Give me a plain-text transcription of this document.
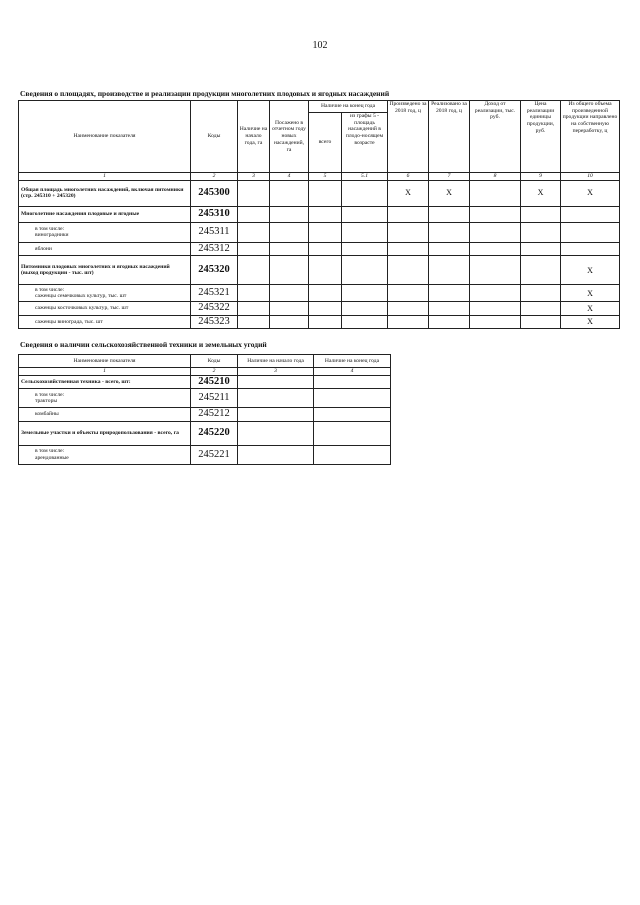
102
Сведения о площадях, производстве и реализации продукции многолетних плодовых и ягодных насаждений
Наименование показателя	Коды	Наличие на начало года, га	Посажено в отчетном году новых насаждений, га	Наличие на конец года		Произведено за 2018 год, ц	Реализовано за 2018 год, ц	Доход от реализации, тыс. руб.	Цена реализации единицы продукции, руб.	Из общего объема произведенной продукции направлено на собственную переработку, ц
				всего	из графы 5 - площадь насаждений в плодо-носящем возрасте					
1	2	3	4	5	5.1	6	7	8	9	10
Общая площадь многолетних насаждений, включая питомники (стр. 245310 + 245320)	245300					X	X		X	X
Многолетние насаждения плодовые и ягодные	245310									

в том числе:
виноградники	245311									
яблони	245312									

Питомники плодовых многолетних и ягодных насаждений
(выход продукции - тыс. шт)	245320									X

в том числе:
саженцы семечковых культур, тыс. шт	245321									X
саженцы косточковых культур, тыс. шт	245322									X
саженцы винограда, тыс. шт	245323									X
Сведения о наличии сельскохозяйственной техники и земельных угодий
Наименование показателя	Коды	Наличие на начало года	Наличие на конец года
1	2	3	4
Сельскохозяйственная техника - всего, шт:	245210		

в том числе:
тракторы	245211		
комбайны	245212		
Земельные участки и объекты природопользования - всего, га	245220		

в том числе:
арендованные	245221		
